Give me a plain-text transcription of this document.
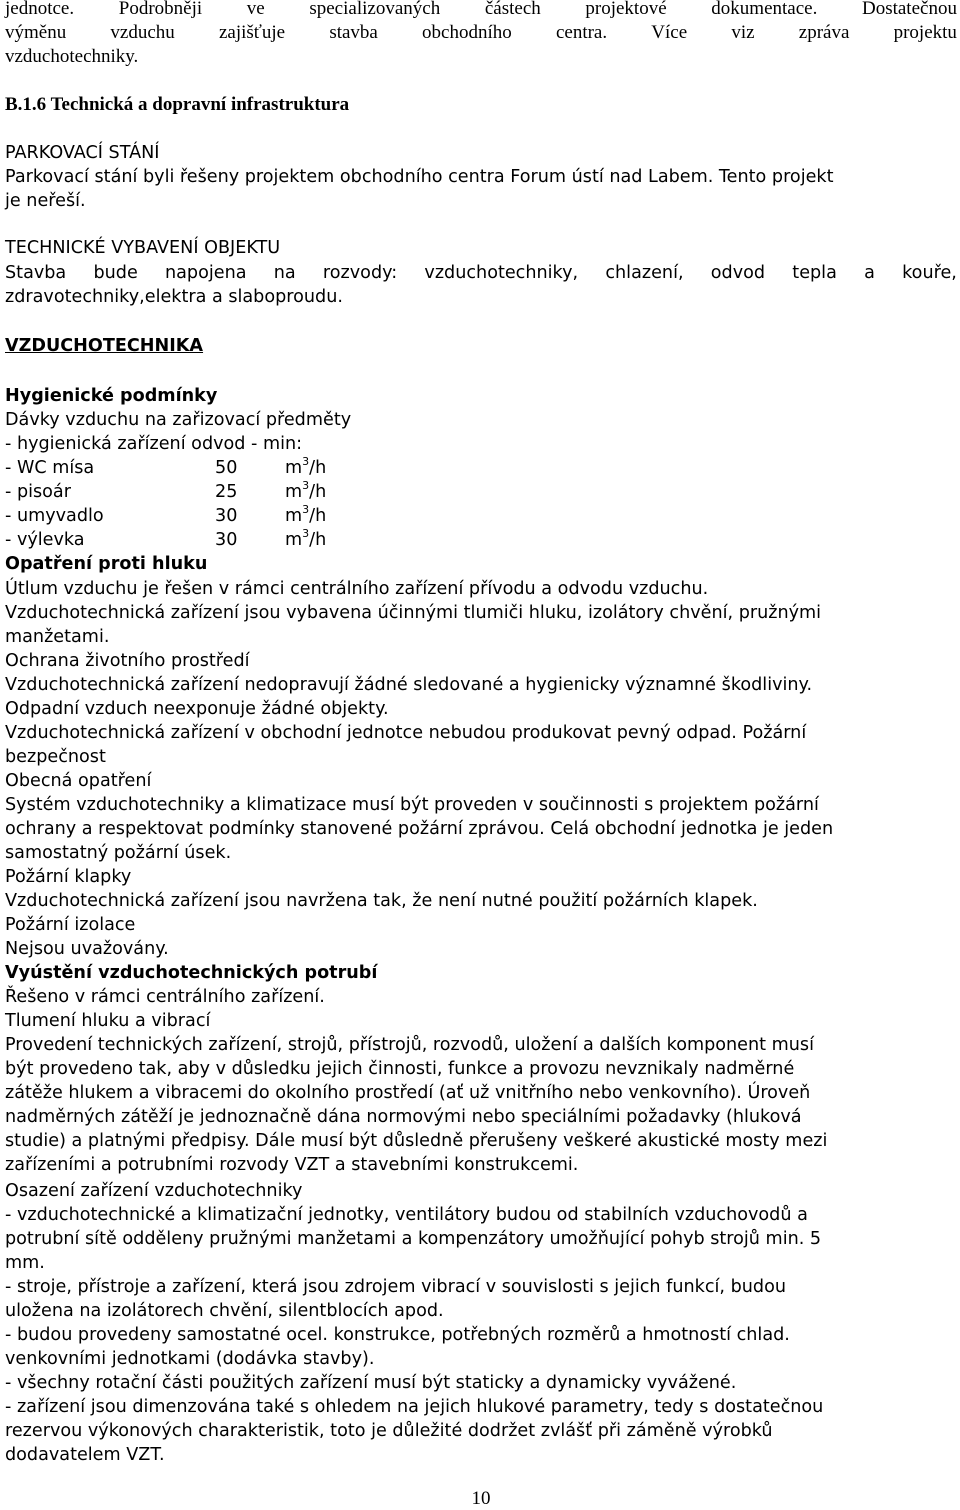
jednotce. Podrobněji ve specializovaných částech projektové dokumentace. Dostatečnou
výměnu vzduchu zajišťuje stavba obchodního centra. Více viz zpráva projektu
vzduchotechniky.
B.1.6 Technická a dopravní infrastruktura
PARKOVACÍ STÁNÍ
Parkovací stání byli řešeny projektem obchodního centra Forum ústí nad Labem. Tento projekt
je neřeší.
TECHNICKÉ VYBAVENÍ OBJEKTU
Stavba bude napojena na rozvody: vzduchotechniky, chlazení, odvod tepla a kouře,
zdravotechniky,elektra a slaboproudu.
VZDUCHOTECHNIKA
Hygienické podmínky
Dávky vzduchu na zařizovací předměty
- hygienická zařízení odvod - min:
- WC mísa	50	$m^3/h$
- pisoár	25	$m^3/h$
- umyvadlo	30	$m^3/h$
- výlevka	30	$m^3/h$
Opatření proti hluku
Útlum vzduchu je řešen v rámci centrálního zařízení přívodu a odvodu vzduchu.
Vzduchotechnická zařízení jsou vybavena účinnými tlumiči hluku, izolátory chvění, pružnými
manžetami.
Ochrana životního prostředí
Vzduchotechnická zařízení nedopravují žádné sledované a hygienicky významné škodliviny.
Odpadní vzduch neexponuje žádné objekty.
Vzduchotechnická zařízení v obchodní jednotce nebudou produkovat pevný odpad. Požární
bezpečnost
Obecná opatření
Systém vzduchotechniky a klimatizace musí být proveden v součinnosti s projektem požární
ochrany a respektovat podmínky stanovené požární zprávou. Celá obchodní jednotka je jeden
samostatný požární úsek.
Požární klapky
Vzduchotechnická zařízení jsou navržena tak, že není nutné použití požárních klapek.
Požární izolace
Nejsou uvažovány.
Vyústění vzduchotechnických potrubí
Řešeno v rámci centrálního zařízení.
Tlumení hluku a vibrací
Provedení technických zařízení, strojů, přístrojů, rozvodů, uložení a dalších komponent musí
být provedeno tak, aby v důsledku jejich činnosti, funkce a provozu nevznikaly nadměrné
zátěže hlukem a vibracemi do okolního prostředí (ať už vnitřního nebo venkovního). Úroveň
nadměrných zátěží je jednoznačně dána normovými nebo speciálními požadavky (hluková
studie) a platnými předpisy. Dále musí být důsledně přerušeny veškeré akustické mosty mezi
zařízeními a potrubními rozvody VZT a stavebními konstrukcemi.
Osazení zařízení vzduchotechniky
- vzduchotechnické a klimatizační jednotky, ventilátory budou od stabilních vzduchovodů a
potrubní sítě odděleny pružnými manžetami a kompenzátory umožňující pohyb strojů min. 5
mm.
- stroje, přístroje a zařízení, která jsou zdrojem vibrací v souvislosti s jejich funkcí, budou
uložena na izolátorech chvění, silentblocích apod.
- budou provedeny samostatné ocel. konstrukce, potřebných rozměrů a hmotností chlad.
venkovními jednotkami (dodávka stavby).
- všechny rotační části použitých zařízení musí být staticky a dynamicky vyvážené.
- zařízení jsou dimenzována také s ohledem na jejich hlukové parametry, tedy s dostatečnou
rezervou výkonových charakteristik, toto je důležité dodržet zvlášť při záměně výrobků
dodavatelem VZT.
10
